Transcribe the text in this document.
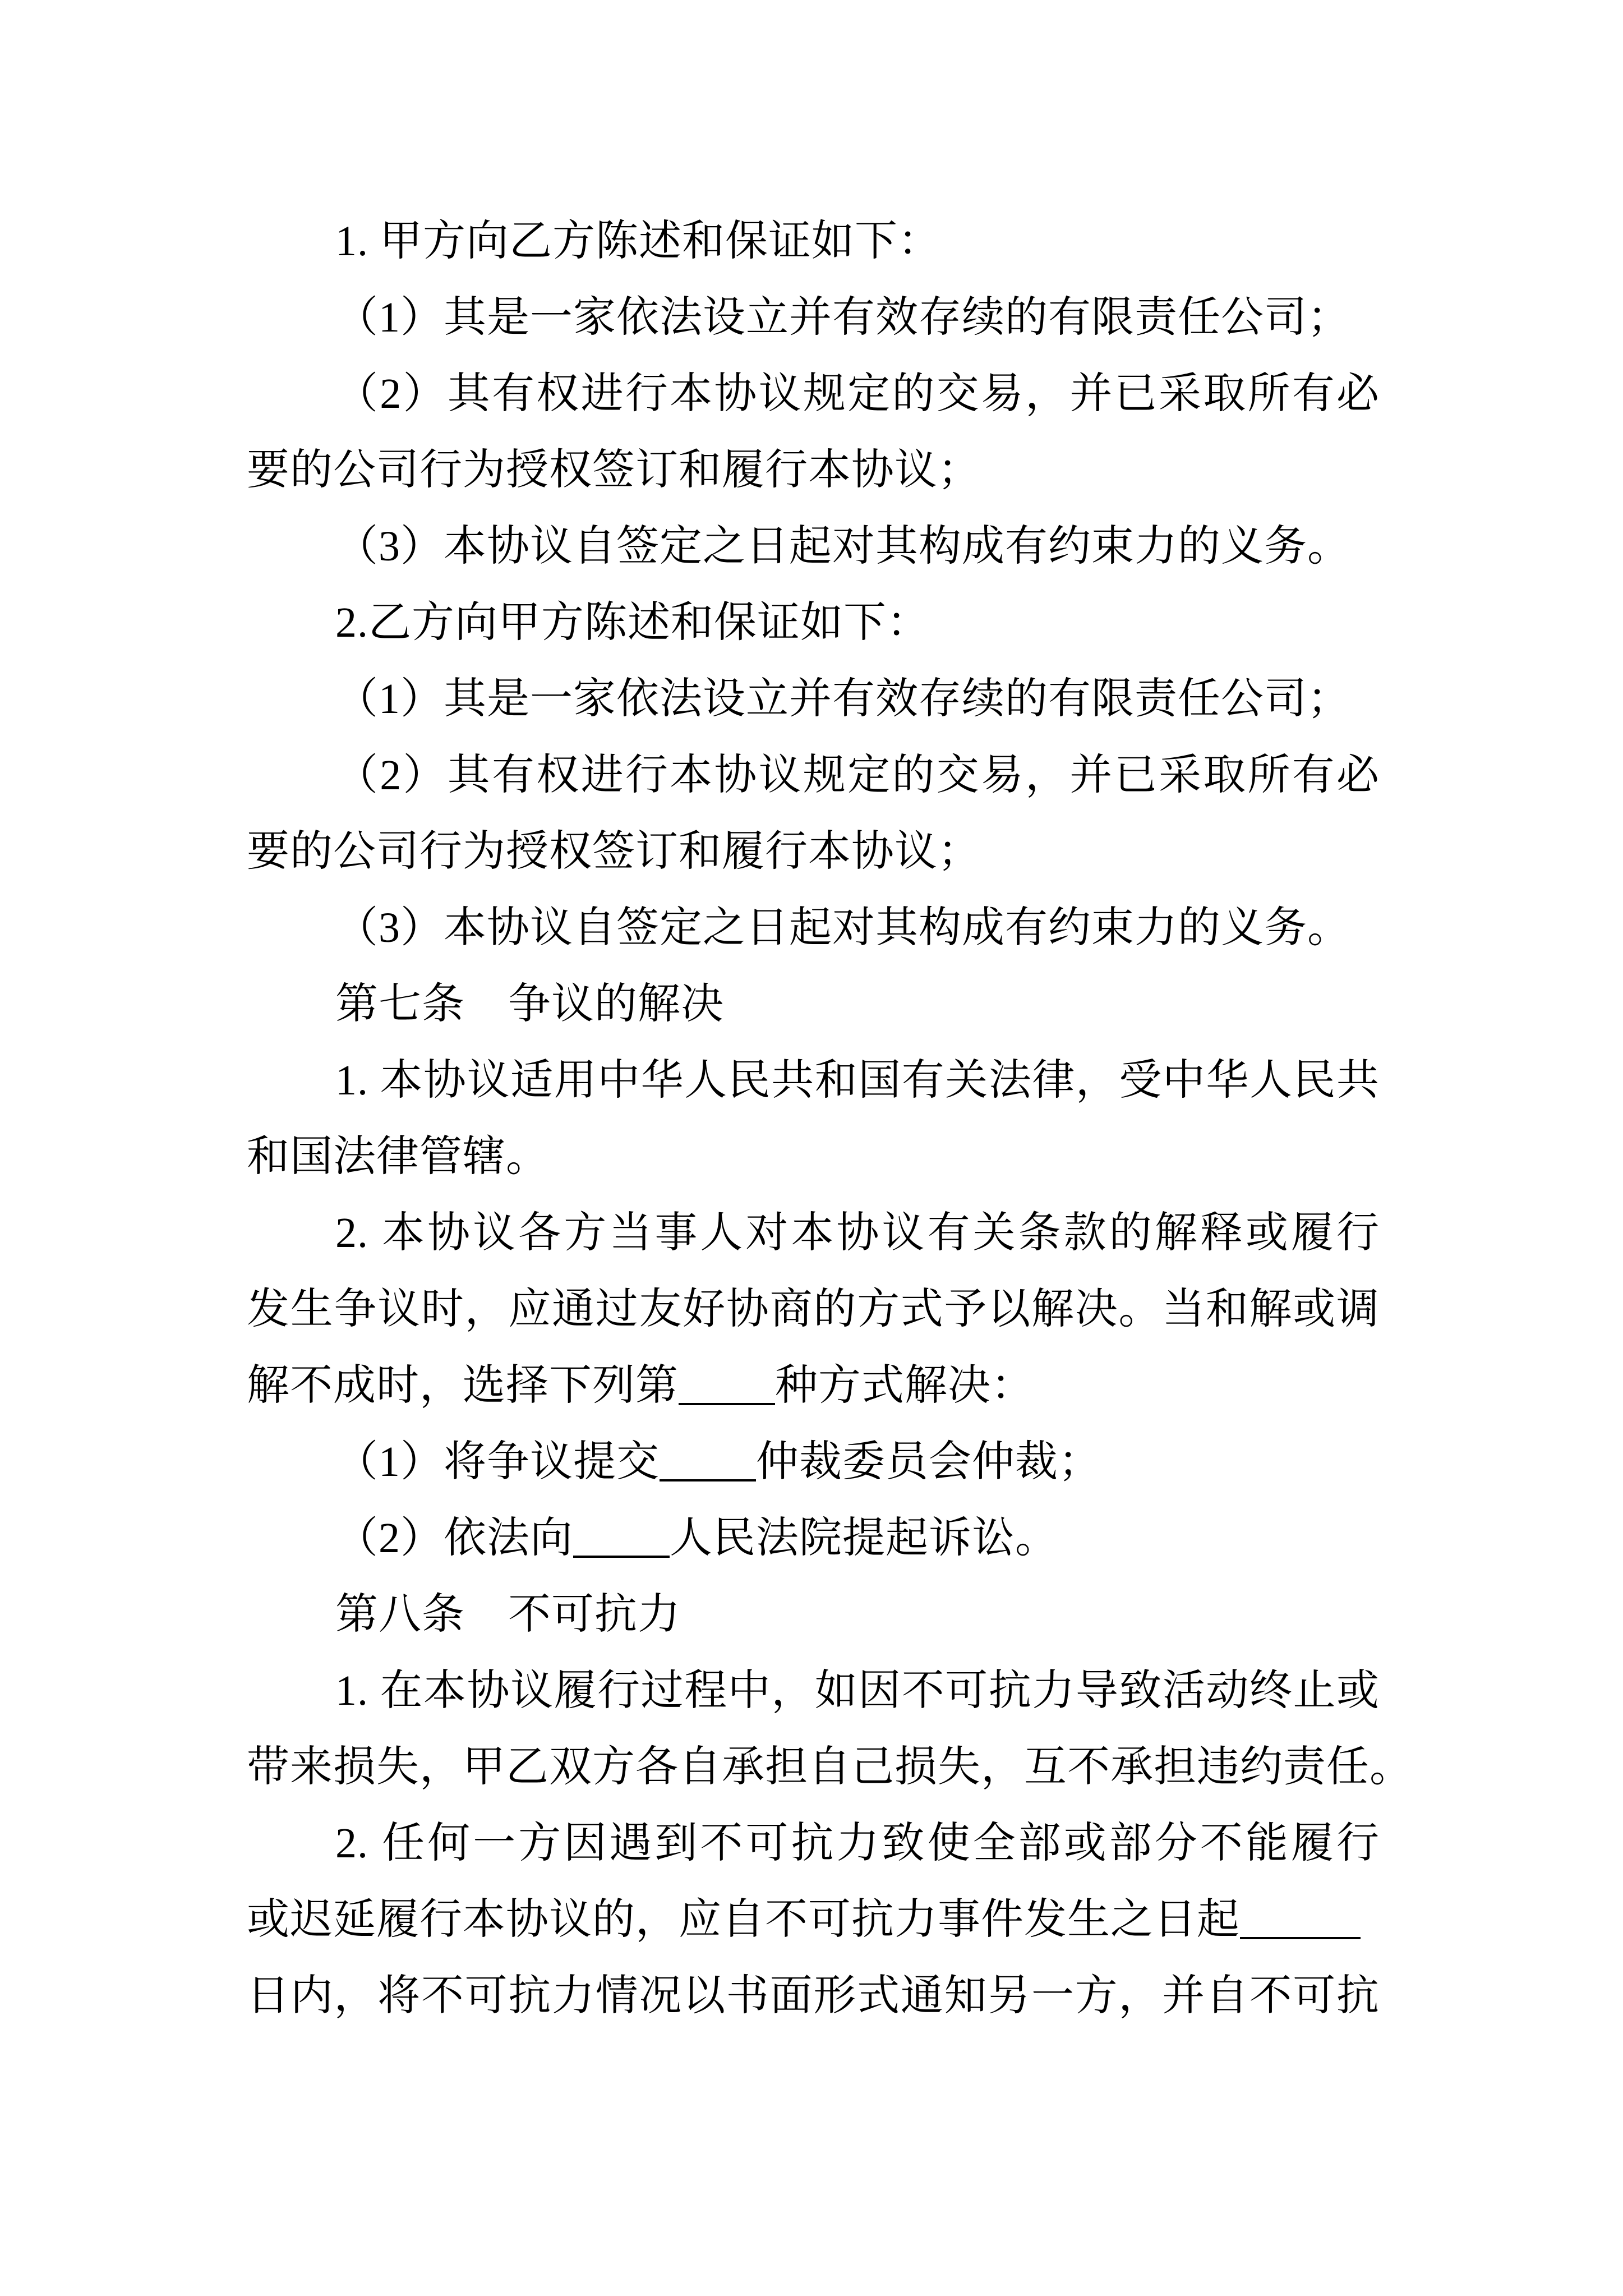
1. 甲方向乙方陈述和保证如下：
（1）其是一家依法设立并有效存续的有限责任公司；
（2）其有权进行本协议规定的交易，并已采取所有必
要的公司行为授权签订和履行本协议；
（3）本协议自签定之日起对其构成有约束力的义务。
2.乙方向甲方陈述和保证如下：
（1）其是一家依法设立并有效存续的有限责任公司；
（2）其有权进行本协议规定的交易，并已采取所有必
要的公司行为授权签订和履行本协议；
（3）本协议自签定之日起对其构成有约束力的义务。
第七条　争议的解决
1. 本协议适用中华人民共和国有关法律，受中华人民共
和国法律管辖。
2. 本协议各方当事人对本协议有关条款的解释或履行
发生争议时，应通过友好协商的方式予以解决。当和解或调
解不成时，选择下列第 种方式解决：
（1）将争议提交 仲裁委员会仲裁；
（2）依法向 人民法院提起诉讼。
第八条　不可抗力
1. 在本协议履行过程中，如因不可抗力导致活动终止或
带来损失，甲乙双方各自承担自己损失，互不承担违约责任。
2. 任何一方因遇到不可抗力致使全部或部分不能履行
或迟延履行本协议的，应自不可抗力事件发生之日起
日内，将不可抗力情况以书面形式通知另一方，并自不可抗
